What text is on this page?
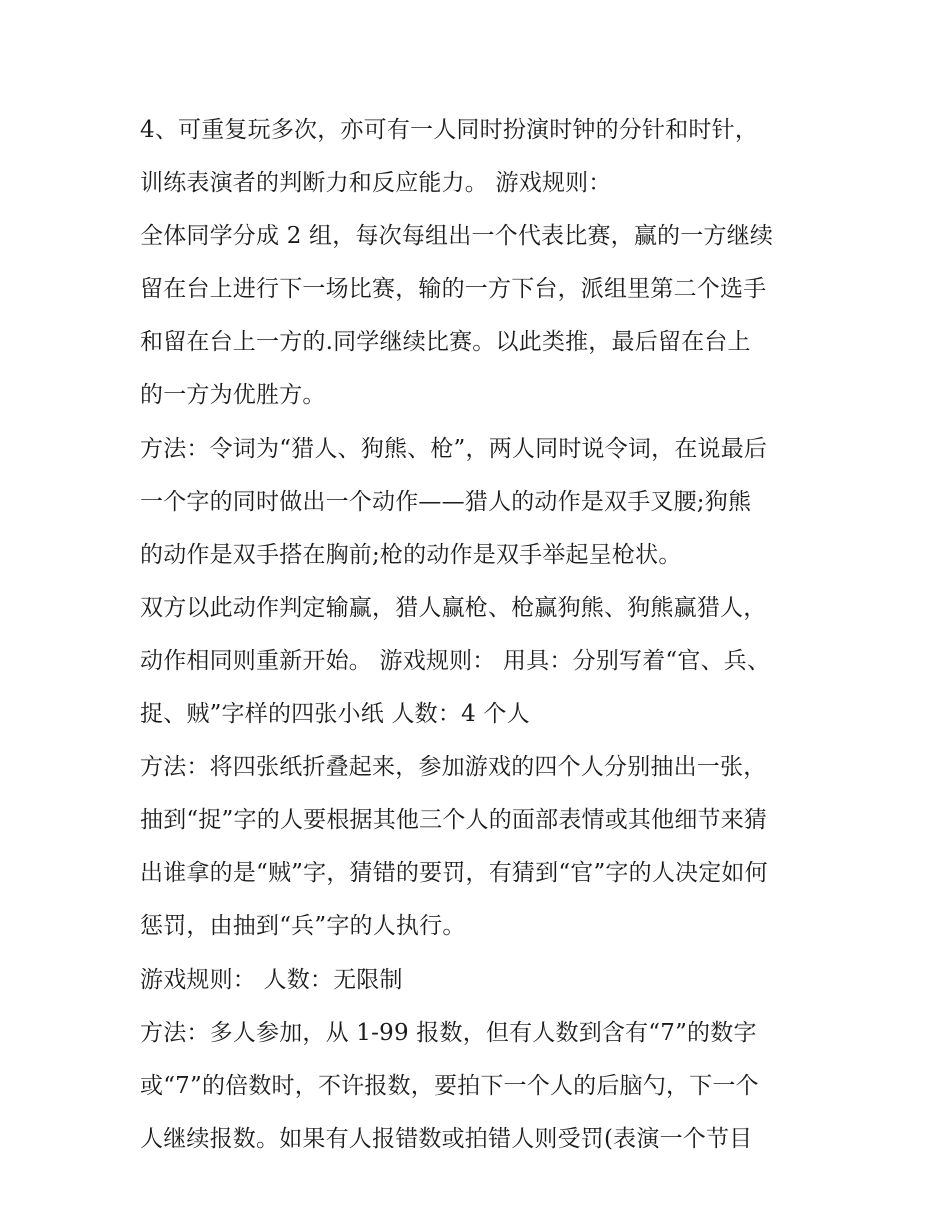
4、可重复玩多次，亦可有一人同时扮演时钟的分针和时针，
训练表演者的判断力和反应能力。 游戏规则：
全体同学分成 2 组，每次每组出一个代表比赛，赢的一方继续
留在台上进行下一场比赛，输的一方下台，派组里第二个选手
和留在台上一方的.同学继续比赛。以此类推，最后留在台上
的一方为优胜方。
方法：令词为“猎人、狗熊、枪”，两人同时说令词，在说最后
一个字的同时做出一个动作——猎人的动作是双手叉腰;狗熊
的动作是双手搭在胸前;枪的动作是双手举起呈枪状。
双方以此动作判定输赢，猎人赢枪、枪赢狗熊、狗熊赢猎人，
动作相同则重新开始。 游戏规则： 用具：分别写着“官、兵、
捉、贼”字样的四张小纸 人数：4 个人
方法：将四张纸折叠起来，参加游戏的四个人分别抽出一张，
抽到“捉”字的人要根据其他三个人的面部表情或其他细节来猜
出谁拿的是“贼”字，猜错的要罚，有猜到“官”字的人决定如何
惩罚，由抽到“兵”字的人执行。
游戏规则： 人数：无限制
方法：多人参加，从 1-99 报数，但有人数到含有“7”的数字
或“7”的倍数时，不许报数，要拍下一个人的后脑勺，下一个
人继续报数。如果有人报错数或拍错人则受罚(表演一个节目
